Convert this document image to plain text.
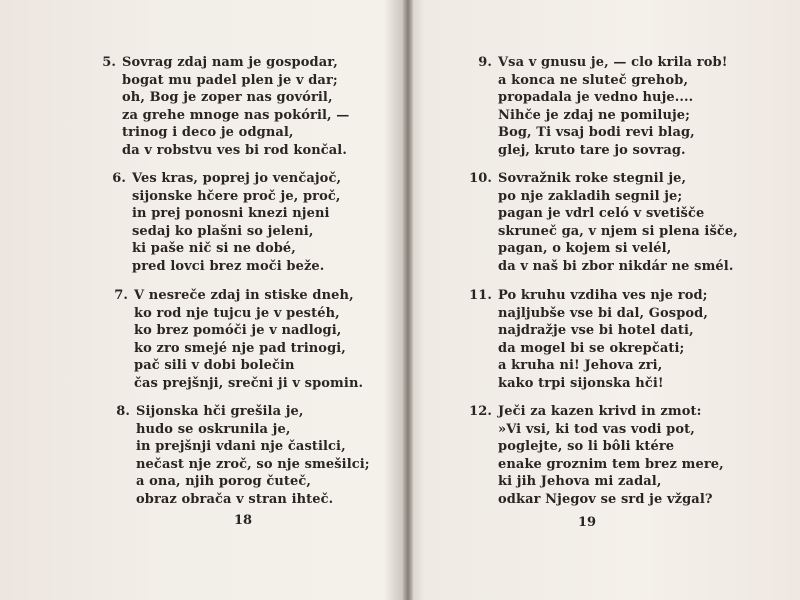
5. Sovrag zdaj nam je gospodar,
bogat mu padel plen je v dar;
oh, Bog je zoper nas govóril,
za grehe mnoge nas pokóril, —
trinog i deco je odgnal,
da v robstvu ves bi rod končal.
6. Ves kras, poprej jo venčajoč,
sijonske hčere proč je, proč,
in prej ponosni knezi njeni
sedaj ko plašni so jeleni,
ki paše nič si ne dobé,
pred lovci brez moči beže.
7. V nesreče zdaj in stiske dneh,
ko rod nje tujcu je v pestéh,
ko brez pomóči je v nadlogi,
ko zro smejé nje pad trinogi,
pač sili v dobi bolečin
čas prejšnji, srečni ji v spomin.
8. Sijonska hči grešila je,
hudo se oskrunila je,
in prejšnji vdani nje častilci,
nečast nje zroč, so nje smešilci;
a ona, njih porog čuteč,
obraz obrača v stran ihteč.
18
9. Vsa v gnusu je, — clo krila rob!
a konca ne sluteč grehob,
propadala je vedno huje....
Nihče je zdaj ne pomiluje;
Bog, Ti vsaj bodi revi blag,
glej, kruto tare jo sovrag.
10. Sovražnik roke stegnil je,
po nje zakladih segnil je;
pagan je vdrl celó v svetišče
skruneč ga, v njem si plena išče,
pagan, o kojem si velél,
da v naš bi zbor nikdár ne smél.
11. Po kruhu vzdiha ves nje rod;
najljubše vse bi dal, Gospod,
najdražje vse bi hotel dati,
da mogel bi se okrepčati;
a kruha ni! Jehova zri,
kako trpi sijonska hči!
12. Ječi za kazen krivd in zmot:
»Vi vsi, ki tod vas vodi pot,
poglejte, so li bôli ktére
enake groznim tem brez mere,
ki jih Jehova mi zadal,
odkar Njegov se srd je vžgal?
19
